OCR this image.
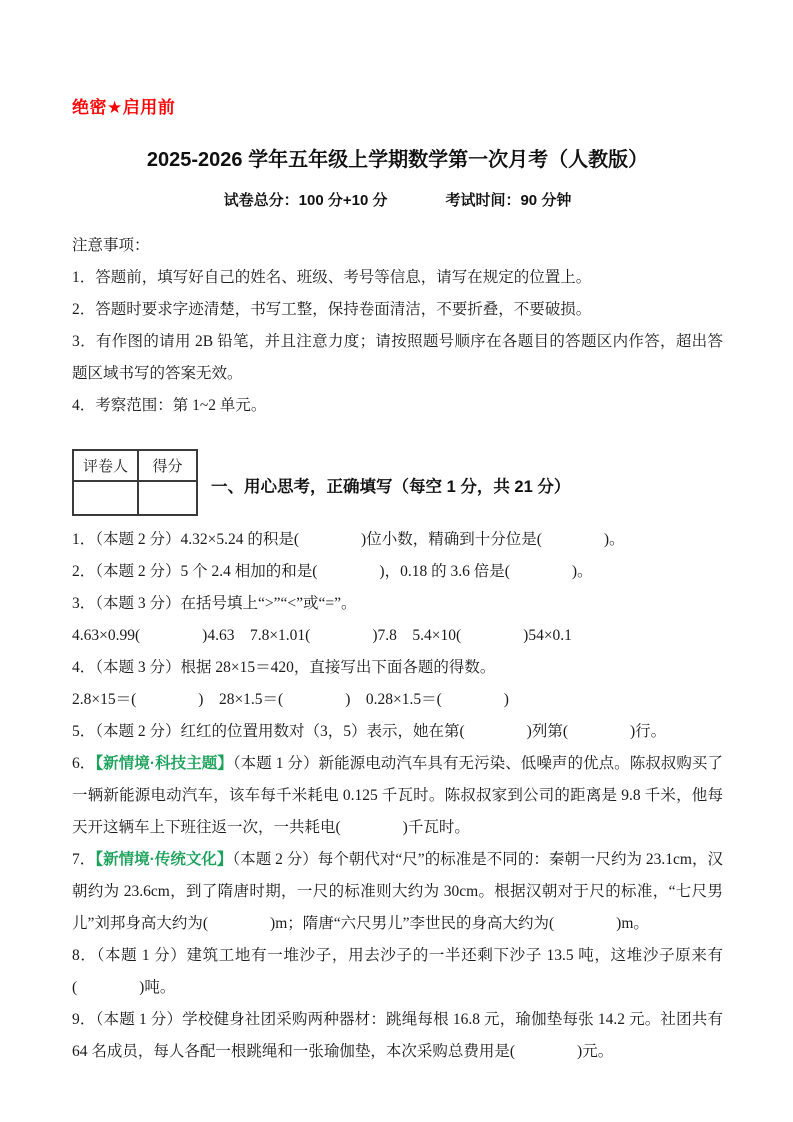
绝密★启用前
2025-2026 学年五年级上学期数学第一次月考（人教版）
试卷总分：100 分+10 分	考试时间：90 分钟

注意事项：

1．答题前，填写好自己的姓名、班级、考号等信息，请写在规定的位置上。

2．答题时要求字迹清楚，书写工整，保持卷面清洁，不要折叠，不要破损。

3．有作图的请用 2B 铅笔，并且注意力度；请按照题号顺序在各题目的答题区内作答，超出答题区域书写的答案无效。

4．考察范围：第 1~2 单元。

评卷人	得分

一、用心思考，正确填写（每空 1 分，共 21 分）

1．（本题 2 分）4.32×5.24 的积是(　　　　)位小数，精确到十分位是(　　　　)。

2．（本题 2 分）5 个 2.4 相加的和是(　　　　)，0.18 的 3.6 倍是(　　　　)。

3．（本题 3 分）在括号填上“>”“<”或“=”。

4.63×0.99(　　　　)4.63　7.8×1.01(　　　　)7.8　5.4×10(　　　　)54×0.1

4．（本题 3 分）根据 28×15＝420，直接写出下面各题的得数。

2.8×15＝(　　　　)　28×1.5＝(　　　　)　0.28×1.5＝(　　　　)

5．（本题 2 分）红红的位置用数对（3，5）表示，她在第(　　　　)列第(　　　　)行。

6．【新情境·科技主题】（本题 1 分）新能源电动汽车具有无污染、低噪声的优点。陈叔叔购买了一辆新能源电动汽车，该车每千米耗电 0.125 千瓦时。陈叔叔家到公司的距离是 9.8 千米，他每天开这辆车上下班往返一次，一共耗电(　　　　)千瓦时。

7．【新情境·传统文化】（本题 2 分）每个朝代对“尺”的标准是不同的：秦朝一尺约为 23.1cm，汉朝约为 23.6cm，到了隋唐时期，一尺的标准则大约为 30cm。根据汉朝对于尺的标准，“七尺男儿”刘邦身高大约为(　　　　)m；隋唐“六尺男儿”李世民的身高大约为(　　　　)m。

8．（本题 1 分）建筑工地有一堆沙子，用去沙子的一半还剩下沙子 13.5 吨，这堆沙子原来有(　　　　)吨。

9．（本题 1 分）学校健身社团采购两种器材：跳绳每根 16.8 元，瑜伽垫每张 14.2 元。社团共有 64 名成员，每人各配一根跳绳和一张瑜伽垫，本次采购总费用是(　　　　)元。
